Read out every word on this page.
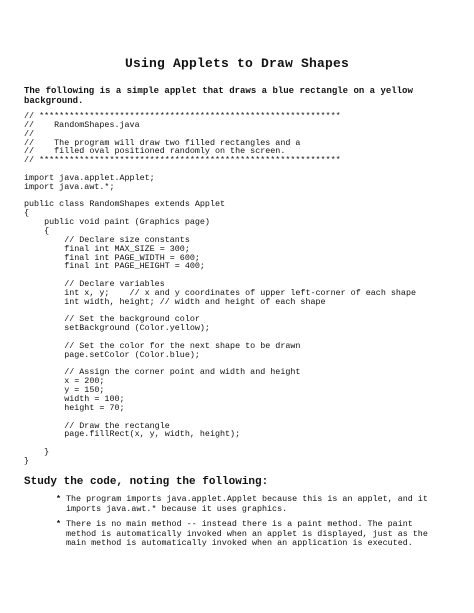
Using Applets to Draw Shapes
The following is a simple applet that draws a blue rectangle on a yellow background.
// ************************************************************
//    RandomShapes.java
//
//    The program will draw two filled rectangles and a
//    filled oval positioned randomly on the screen.
// ************************************************************

import java.applet.Applet;
import java.awt.*;

public class RandomShapes extends Applet
{
public void paint (Graphics page)
{
// Declare size constants
final int MAX_SIZE = 300;
final int PAGE_WIDTH = 600;
final int PAGE_HEIGHT = 400;

// Declare variables
int x, y;    // x and y coordinates of upper left-corner of each shape
int width, height; // width and height of each shape

// Set the background color
setBackground (Color.yellow);

// Set the color for the next shape to be drawn
page.setColor (Color.blue);

// Assign the corner point and width and height
x = 200;
y = 150;
width = 100;
height = 70;

// Draw the rectangle
page.fillRect(x, y, width, height);

}
}

Study the code, noting the following:
* The program imports java.applet.Applet because this is an applet, and it imports java.awt.* because it uses graphics.
* There is no main method -- instead there is a paint method. The paint method is automatically invoked when an applet is displayed, just as the main method is automatically invoked when an application is executed.
